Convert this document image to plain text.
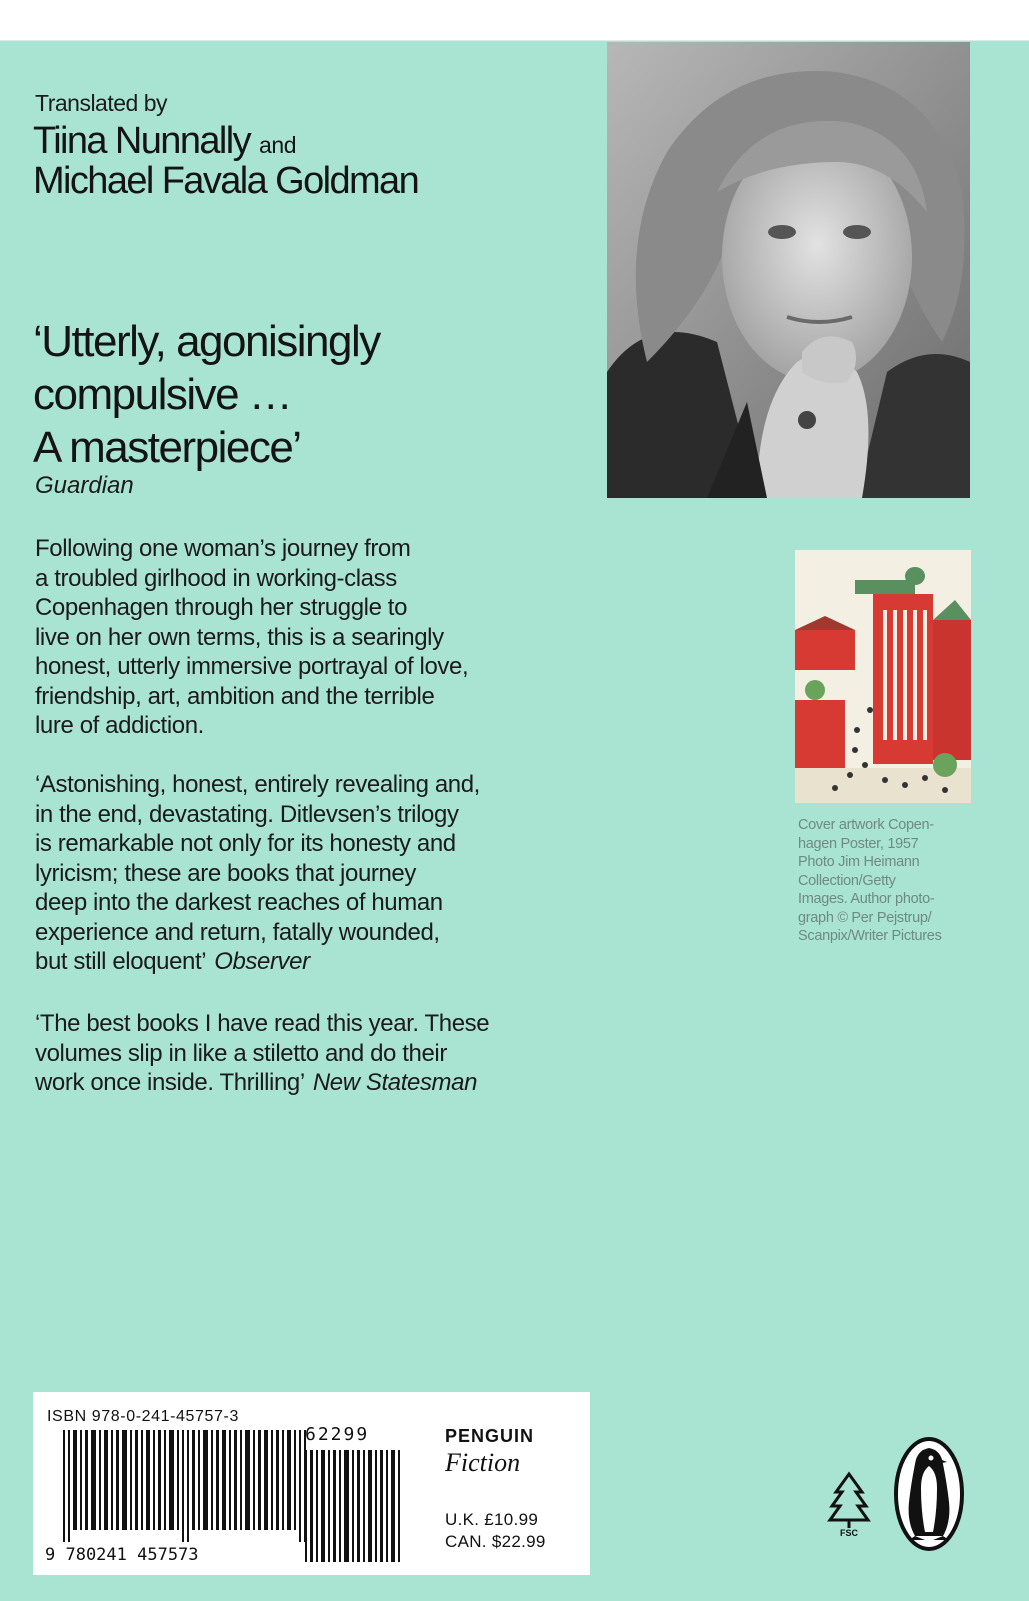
Translated by
Tiina Nunnally and
Michael Favala Goldman
‘Utterly, agonisingly
compulsive …
A masterpiece’
Guardian
Following one woman’s journey from
a troubled girlhood in working-class
Copenhagen through her struggle to
live on her own terms, this is a searingly
honest, utterly immersive portrayal of love,
friendship, art, ambition and the terrible
lure of addiction.
‘Astonishing, honest, entirely revealing and,
in the end, devastating. Ditlevsen’s trilogy
is remarkable not only for its honesty and
lyricism; these are books that journey
deep into the darkest reaches of human
experience and return, fatally wounded,
but still eloquent’ Observer
‘The best books I have read this year. These
volumes slip in like a stiletto and do their
work once inside. Thrilling’ New Statesman
Cover artwork Copen-
hagen Poster, 1957
Photo Jim Heimann
Collection/Getty
Images. Author photo-
graph © Per Pejstrup/
Scanpix/Writer Pictures
ISBN 978-0-241-45757-3
9 780241 457573
62299	PENGUIN
Fiction
U.K. £10.99
CAN. $22.99	FSC
